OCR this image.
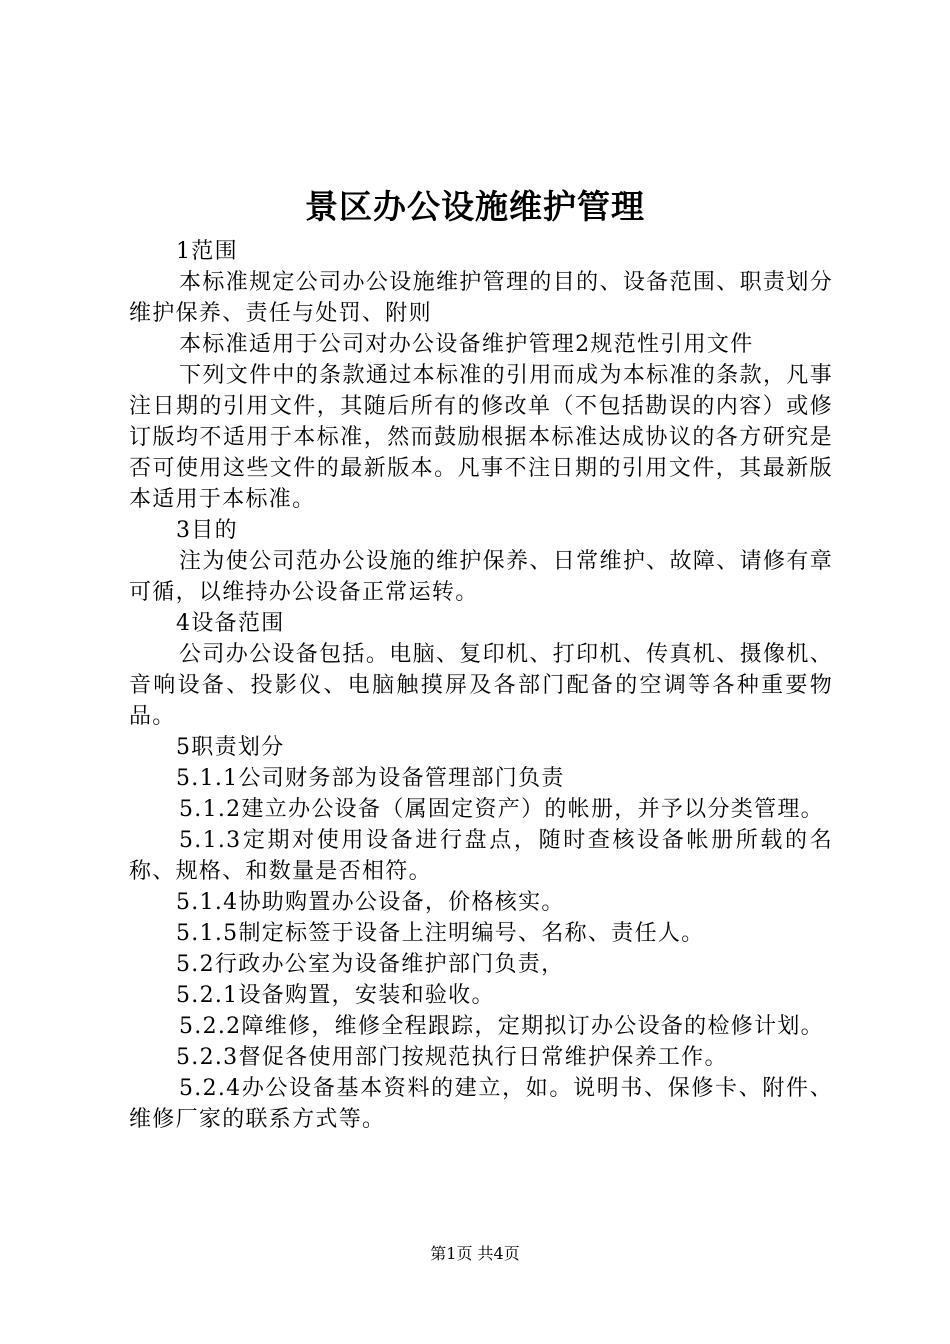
景区办公设施维护管理

1范围

本标准规定公司办公设施维护管理的目的、设备范围、职责划分维护保养、责任与处罚、附则

本标准适用于公司对办公设备维护管理2规范性引用文件

下列文件中的条款通过本标准的引用而成为本标准的条款，凡事注日期的引用文件，其随后所有的修改单（不包括勘误的内容）或修订版均不适用于本标准，然而鼓励根据本标准达成协议的各方研究是否可使用这些文件的最新版本。凡事不注日期的引用文件，其最新版本适用于本标准。

3目的

注为使公司范办公设施的维护保养、日常维护、故障、请修有章可循，以维持办公设备正常运转。

4设备范围

公司办公设备包括。电脑、复印机、打印机、传真机、摄像机、音响设备、投影仪、电脑触摸屏及各部门配备的空调等各种重要物品。

5职责划分

5.1.1公司财务部为设备管理部门负责

5.1.2建立办公设备（属固定资产）的帐册，并予以分类管理。

5.1.3定期对使用设备进行盘点，随时查核设备帐册所载的名称、规格、和数量是否相符。

5.1.4协助购置办公设备，价格核实。

5.1.5制定标签于设备上注明编号、名称、责任人。

5.2行政办公室为设备维护部门负责，

5.2.1设备购置，安装和验收。

5.2.2障维修，维修全程跟踪，定期拟订办公设备的检修计划。

5.2.3督促各使用部门按规范执行日常维护保养工作。

5.2.4办公设备基本资料的建立，如。说明书、保修卡、附件、维修厂家的联系方式等。

第1页 共4页
